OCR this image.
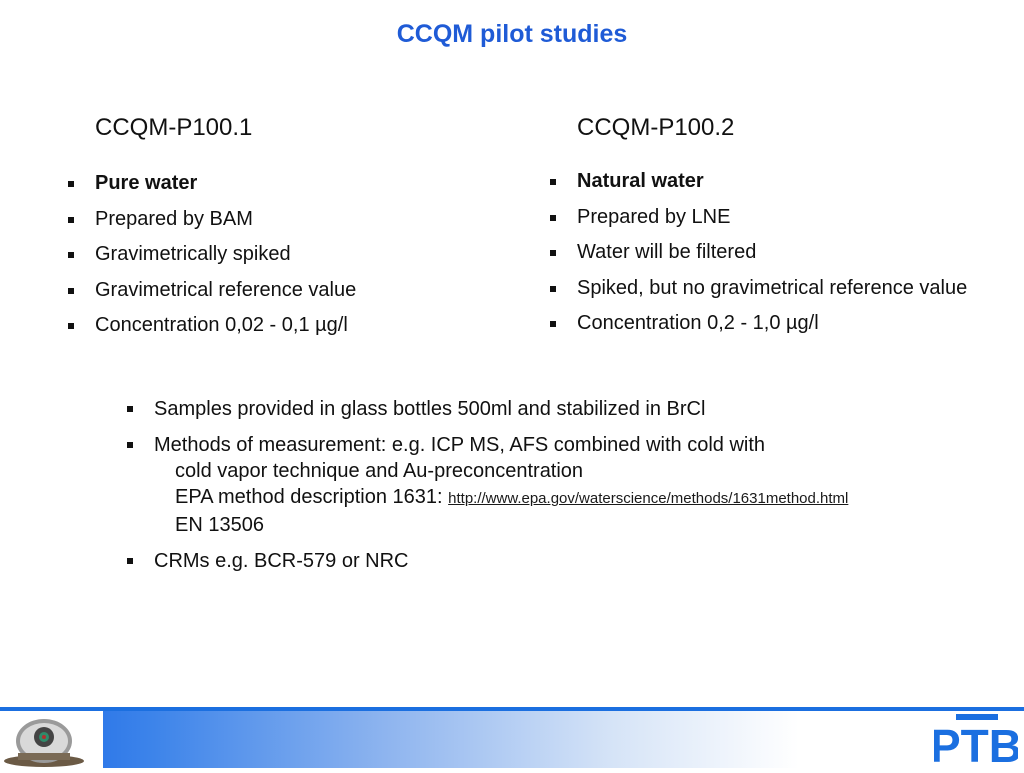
CCQM pilot studies
CCQM-P100.1	CCQM-P100.2
Pure water
Prepared by BAM
Gravimetrically spiked
Gravimetrical reference value
Concentration 0,02 - 0,1 µg/l
Natural water
Prepared by LNE
Water will be filtered
Spiked, but no gravimetrical reference value
Concentration 0,2 - 1,0 µg/l
Samples provided in glass bottles 500ml and stabilized in BrCl
Methods of measurement: e.g. ICP MS, AFS combined with cold with
cold vapor technique and Au-preconcentration
EPA method description 1631: http://www.epa.gov/waterscience/methods/1631method.html
EN 13506
CRMs e.g. BCR-579 or NRC
PTB
